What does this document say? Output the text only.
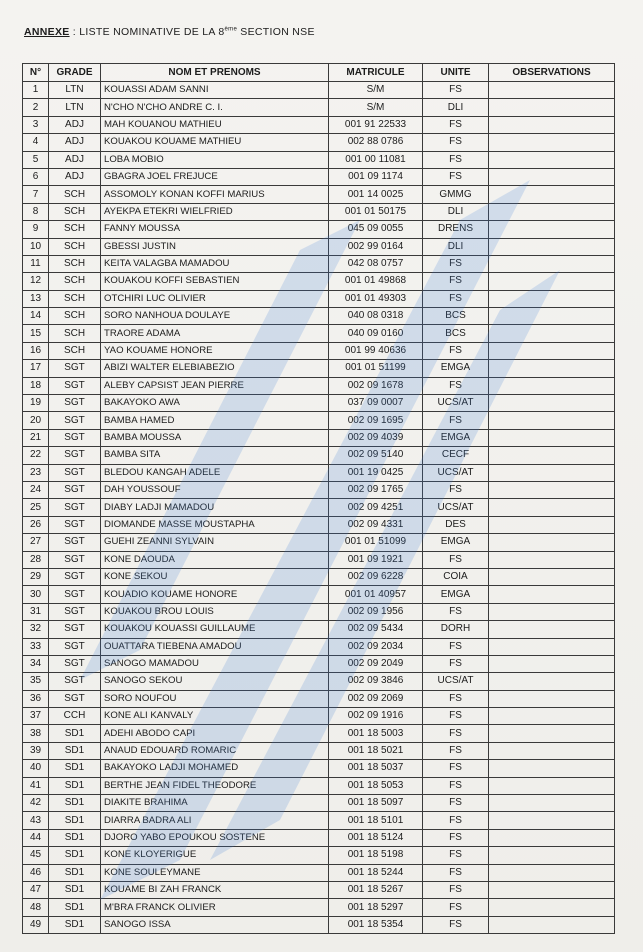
ANNEXE : LISTE NOMINATIVE DE LA 8ème SECTION NSE
N°	GRADE	NOM ET PRENOMS	MATRICULE	UNITE	OBSERVATIONS
1	LTN	KOUASSI ADAM SANNI	S/M	FS	
2	LTN	N'CHO N'CHO ANDRE C. I.	S/M	DLI	
3	ADJ	MAH KOUANOU MATHIEU	001 91 22533	FS	
4	ADJ	KOUAKOU KOUAME MATHIEU	002 88 0786	FS	
5	ADJ	LOBA MOBIO	001 00 11081	FS	
6	ADJ	GBAGRA JOEL FREJUCE	001 09 1174	FS	
7	SCH	ASSOMOLY KONAN KOFFI MARIUS	001 14 0025	GMMG	
8	SCH	AYEKPA ETEKRI WIELFRIED	001 01 50175	DLI	
9	SCH	FANNY MOUSSA	045 09 0055	DRENS	
10	SCH	GBESSI JUSTIN	002 99 0164	DLI	
11	SCH	KEITA VALAGBA MAMADOU	042 08 0757	FS	
12	SCH	KOUAKOU KOFFI SEBASTIEN	001 01 49868	FS	
13	SCH	OTCHIRI LUC OLIVIER	001 01 49303	FS	
14	SCH	SORO NANHOUA DOULAYE	040 08 0318	BCS	
15	SCH	TRAORE ADAMA	040 09 0160	BCS	
16	SCH	YAO KOUAME HONORE	001 99 40636	FS	
17	SGT	ABIZI WALTER ELEBIABEZIO	001 01 51199	EMGA	
18	SGT	ALEBY CAPSIST JEAN PIERRE	002 09 1678	FS	
19	SGT	BAKAYOKO AWA	037 09 0007	UCS/AT	
20	SGT	BAMBA HAMED	002 09 1695	FS	
21	SGT	BAMBA MOUSSA	002 09 4039	EMGA	
22	SGT	BAMBA SITA	002 09 5140	CECF	
23	SGT	BLEDOU KANGAH ADELE	001 19 0425	UCS/AT	
24	SGT	DAH YOUSSOUF	002 09 1765	FS	
25	SGT	DIABY LADJI MAMADOU	002 09 4251	UCS/AT	
26	SGT	DIOMANDE MASSE MOUSTAPHA	002 09 4331	DES	
27	SGT	GUEHI ZEANNI SYLVAIN	001 01 51099	EMGA	
28	SGT	KONE DAOUDA	001 09 1921	FS	
29	SGT	KONE SEKOU	002 09 6228	COIA	
30	SGT	KOUADIO KOUAME HONORE	001 01 40957	EMGA	
31	SGT	KOUAKOU BROU LOUIS	002 09 1956	FS	
32	SGT	KOUAKOU KOUASSI GUILLAUME	002 09 5434	DORH	
33	SGT	OUATTARA TIEBENA AMADOU	002 09 2034	FS	
34	SGT	SANOGO MAMADOU	002 09 2049	FS	
35	SGT	SANOGO SEKOU	002 09 3846	UCS/AT	
36	SGT	SORO NOUFOU	002 09 2069	FS	
37	CCH	KONE ALI KANVALY	002 09 1916	FS	
38	SD1	ADEHI ABODO CAPI	001 18 5003	FS	
39	SD1	ANAUD EDOUARD ROMARIC	001 18 5021	FS	
40	SD1	BAKAYOKO LADJI MOHAMED	001 18 5037	FS	
41	SD1	BERTHE JEAN FIDEL THEODORE	001 18 5053	FS	
42	SD1	DIAKITE BRAHIMA	001 18 5097	FS	
43	SD1	DIARRA BADRA ALI	001 18 5101	FS	
44	SD1	DJORO YABO EPOUKOU SOSTENE	001 18 5124	FS	
45	SD1	KONE KLOYERIGUE	001 18 5198	FS	
46	SD1	KONE SOULEYMANE	001 18 5244	FS	
47	SD1	KOUAME BI ZAH FRANCK	001 18 5267	FS	
48	SD1	M'BRA FRANCK OLIVIER	001 18 5297	FS	
49	SD1	SANOGO ISSA	001 18 5354	FS	
